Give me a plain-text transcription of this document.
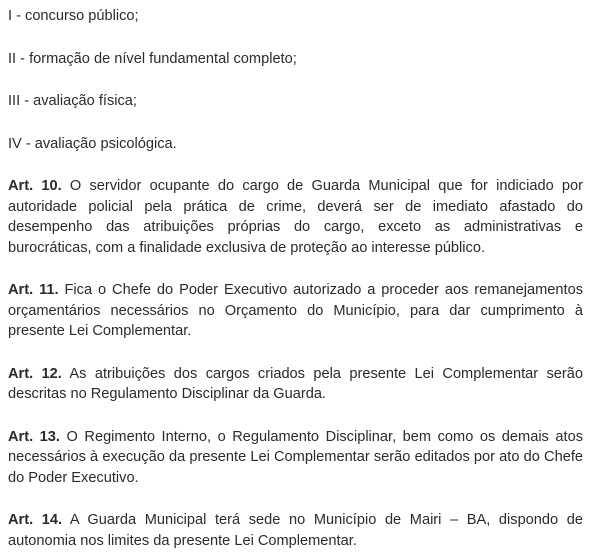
I - concurso público;
II - formação de nível fundamental completo;
III - avaliação física;
IV - avaliação psicológica.
Art. 10. O servidor ocupante do cargo de Guarda Municipal que for indiciado por autoridade policial pela prática de crime, deverá ser de imediato afastado do desempenho das atribuições próprias do cargo, exceto as administrativas e burocráticas, com a finalidade exclusiva de proteção ao interesse público.
Art. 11. Fica o Chefe do Poder Executivo autorizado a proceder aos remanejamentos orçamentários necessários no Orçamento do Município, para dar cumprimento à presente Lei Complementar.
Art. 12. As atribuições dos cargos criados pela presente Lei Complementar serão descritas no Regulamento Disciplinar da Guarda.
Art. 13. O Regimento Interno, o Regulamento Disciplinar, bem como os demais atos necessários à execução da presente Lei Complementar serão editados por ato do Chefe do Poder Executivo.
Art. 14. A Guarda Municipal terá sede no Município de Mairi – BA, dispondo de autonomia nos limites da presente Lei Complementar.
